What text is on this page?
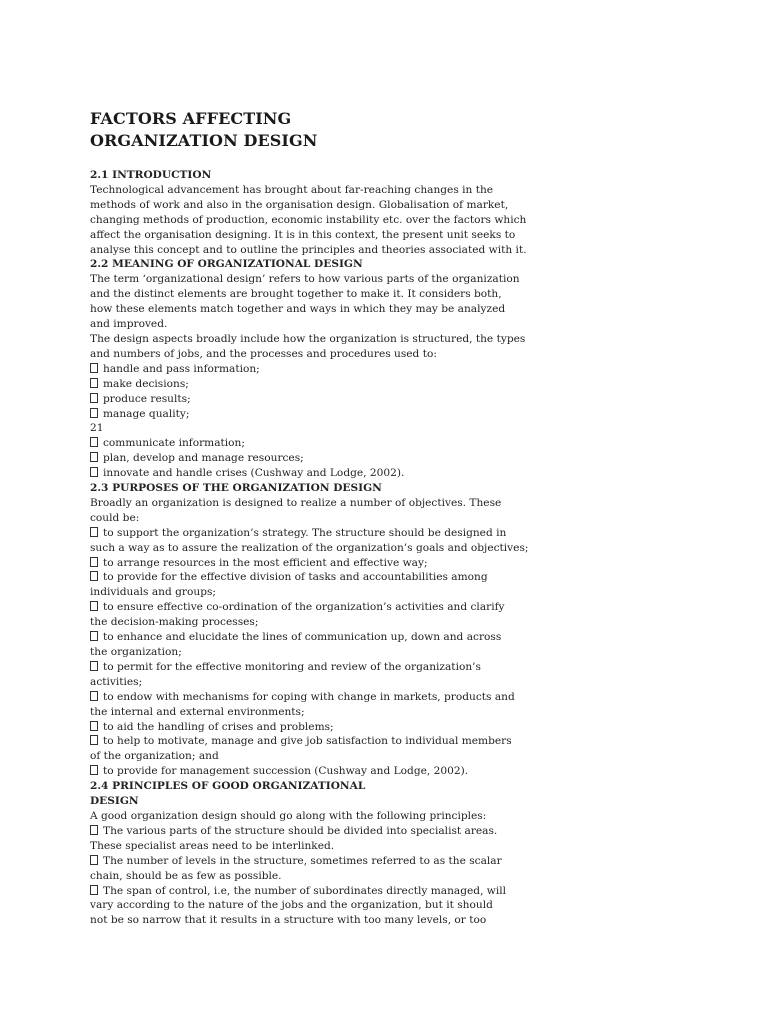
FACTORS AFFECTING
ORGANIZATION DESIGN
2.1 INTRODUCTION
Technological advancement has brought about far-reaching changes in the
methods of work and also in the organisation design. Globalisation of market,
changing methods of production, economic instability etc. over the factors which
affect the organisation designing. It is in this context, the present unit seeks to
analyse this concept and to outline the principles and theories associated with it.
2.2 MEANING OF ORGANIZATIONAL DESIGN
The term ‘organizational design’ refers to how various parts of the organization
and the distinct elements are brought together to make it. It considers both,
how these elements match together and ways in which they may be analyzed
and improved.
The design aspects broadly include how the organization is structured, the types
and numbers of jobs, and the processes and procedures used to:
handle and pass information;
make decisions;
produce results;
manage quality;
21
communicate information;
plan, develop and manage resources;
innovate and handle crises (Cushway and Lodge, 2002).
2.3 PURPOSES OF THE ORGANIZATION DESIGN
Broadly an organization is designed to realize a number of objectives. These
could be:
to support the organization’s strategy. The structure should be designed in
such a way as to assure the realization of the organization’s goals and objectives;
to arrange resources in the most efficient and effective way;
to provide for the effective division of tasks and accountabilities among
individuals and groups;
to ensure effective co-ordination of the organization’s activities and clarify
the decision-making processes;
to enhance and elucidate the lines of communication up, down and across
the organization;
to permit for the effective monitoring and review of the organization’s
activities;
to endow with mechanisms for coping with change in markets, products and
the internal and external environments;
to aid the handling of crises and problems;
to help to motivate, manage and give job satisfaction to individual members
of the organization; and
to provide for management succession (Cushway and Lodge, 2002).
2.4 PRINCIPLES OF GOOD ORGANIZATIONAL
DESIGN
A good organization design should go along with the following principles:
The various parts of the structure should be divided into specialist areas.
These specialist areas need to be interlinked.
The number of levels in the structure, sometimes referred to as the scalar
chain, should be as few as possible.
The span of control, i.e, the number of subordinates directly managed, will
vary according to the nature of the jobs and the organization, but it should
not be so narrow that it results in a structure with too many levels, or too
